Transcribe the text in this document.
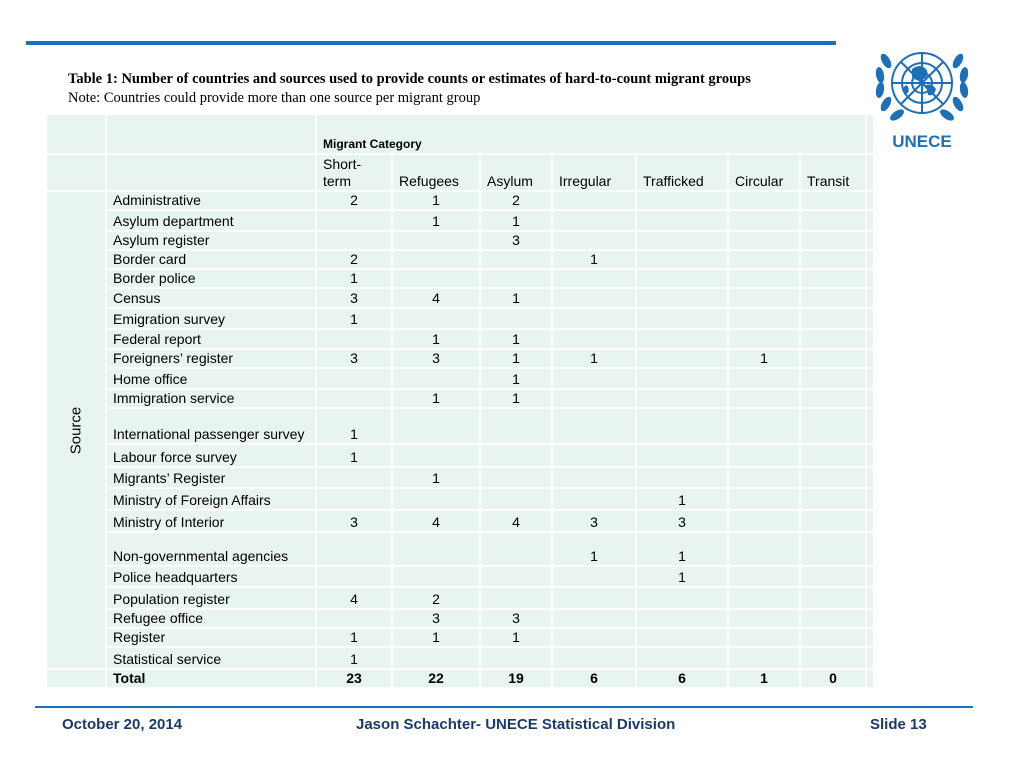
UNECE
Table 1: Number of countries and sources used to provide counts or estimates of hard-to-count migrant groups
Note: Countries could provide more than one source per migrant group
		Migrant Category							
		Short-term	Refugees	Asylum	Irregular	Trafficked	Circular	Transit	
Source	Administrative	2	1	2					
	Asylum department		1	1					
	Asylum register			3					
	Border card	2			1				
	Border police	1							
	Census	3	4	1					
	Emigration survey	1							
	Federal report		1	1					
	Foreigners’ register	3	3	1	1		1		
	Home office			1					
	Immigration service		1	1					
	International passenger survey	1							
	Labour force survey	1							
	Migrants’ Register		1						
	Ministry of Foreign Affairs					1			
	Ministry of Interior	3	4	4	3	3			
	Non-governmental agencies				1	1			
	Police headquarters					1			
	Population register	4	2						
	Refugee office		3	3					
	Register	1	1	1					
	Statistical service	1							
	Total	23	22	19	6	6	1	0	
October 20, 2014	Jason Schachter- UNECE Statistical Division	Slide 13
